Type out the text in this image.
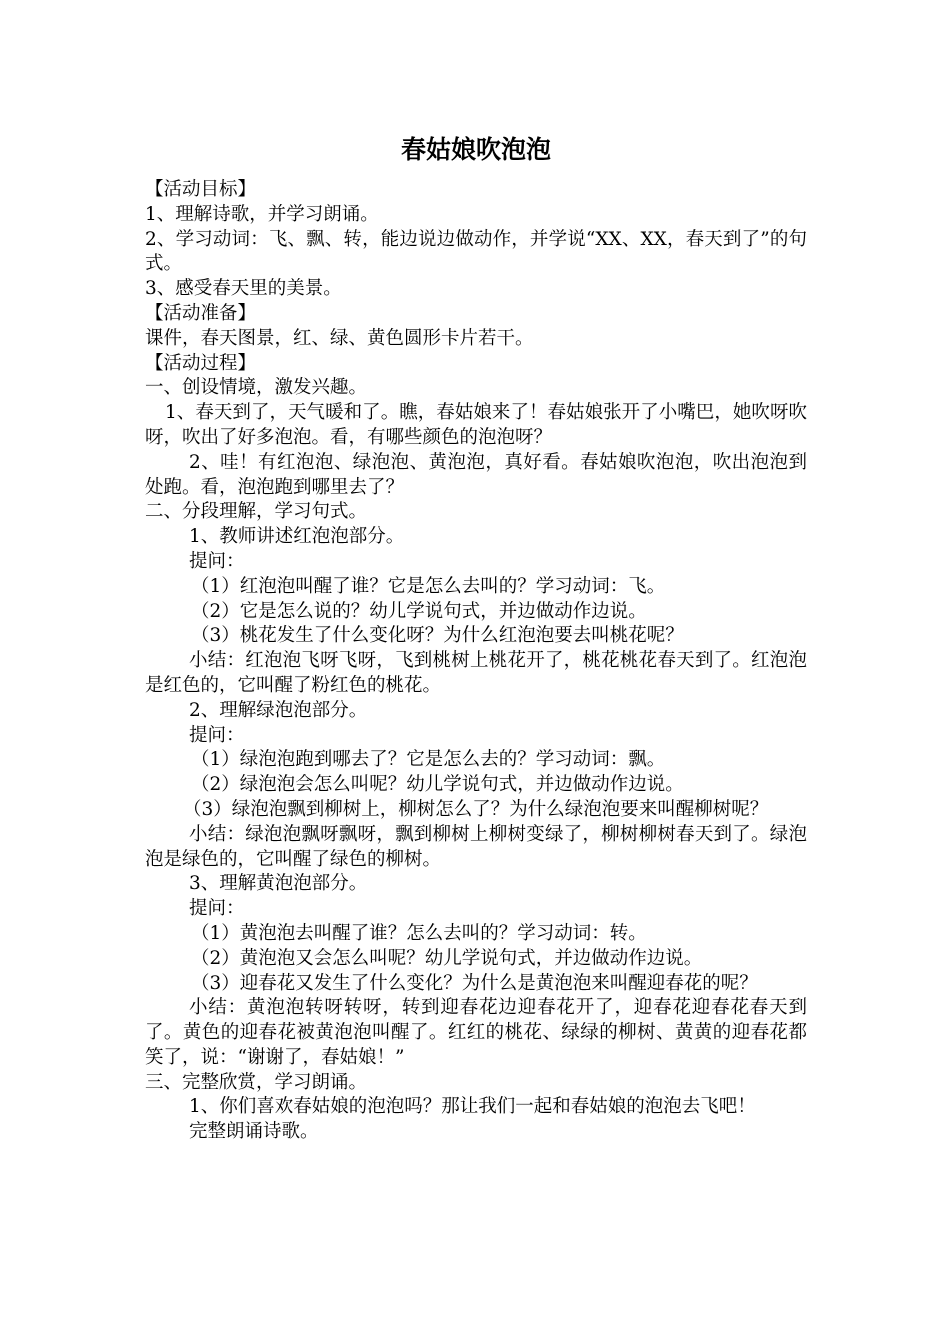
春姑娘吹泡泡

【活动目标】

1、理解诗歌，并学习朗诵。

2、学习动词：飞、飘、转，能边说边做动作，并学说“XX、XX，春天到了”的句式。

3、感受春天里的美景。

【活动准备】

课件，春天图景，红、绿、黄色圆形卡片若干。

【活动过程】

一、创设情境，激发兴趣。

1、春天到了，天气暖和了。瞧，春姑娘来了！春姑娘张开了小嘴巴，她吹呀吹呀，吹出了好多泡泡。看，有哪些颜色的泡泡呀？

2、哇！有红泡泡、绿泡泡、黄泡泡，真好看。春姑娘吹泡泡，吹出泡泡到处跑。看，泡泡跑到哪里去了？

二、分段理解，学习句式。

1、教师讲述红泡泡部分。

提问：

（1）红泡泡叫醒了谁？它是怎么去叫的？学习动词：飞。

（2）它是怎么说的？幼儿学说句式，并边做动作边说。

（3）桃花发生了什么变化呀？为什么红泡泡要去叫桃花呢？

小结：红泡泡飞呀飞呀，飞到桃树上桃花开了，桃花桃花春天到了。红泡泡是红色的，它叫醒了粉红色的桃花。

2、理解绿泡泡部分。

提问：

（1）绿泡泡跑到哪去了？它是怎么去的？学习动词：飘。

（2）绿泡泡会怎么叫呢？幼儿学说句式，并边做动作边说。

（3）绿泡泡飘到柳树上，柳树怎么了？为什么绿泡泡要来叫醒柳树呢？

小结：绿泡泡飘呀飘呀，飘到柳树上柳树变绿了，柳树柳树春天到了。绿泡泡是绿色的，它叫醒了绿色的柳树。

3、理解黄泡泡部分。

提问：

（1）黄泡泡去叫醒了谁？怎么去叫的？学习动词：转。

（2）黄泡泡又会怎么叫呢？幼儿学说句式，并边做动作边说。

（3）迎春花又发生了什么变化？为什么是黄泡泡来叫醒迎春花的呢？

小结：黄泡泡转呀转呀，转到迎春花边迎春花开了，迎春花迎春花春天到了。黄色的迎春花被黄泡泡叫醒了。红红的桃花、绿绿的柳树、黄黄的迎春花都笑了，说：“谢谢了，春姑娘！”

三、完整欣赏，学习朗诵。

1、你们喜欢春姑娘的泡泡吗？那让我们一起和春姑娘的泡泡去飞吧！

完整朗诵诗歌。
